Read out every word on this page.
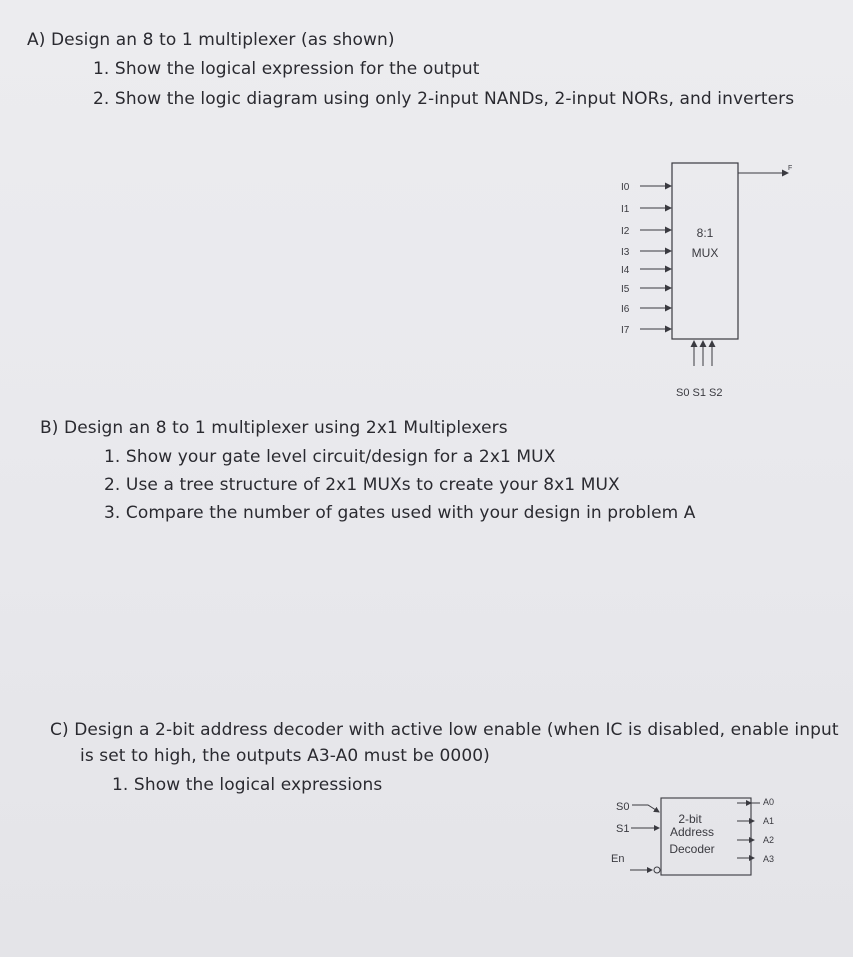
A) Design an 8 to 1 multiplexer (as shown)
1. Show the logical expression for the output
2. Show the logic diagram using only 2-input NANDs, 2-input NORs, and inverters
8:1
MUX
I0
I1
I2
I3
I4
I5
I6
I7
F
S0 S1 S2
B) Design an 8 to 1 multiplexer using 2x1 Multiplexers
1. Show your gate level circuit/design for a 2x1 MUX
2. Use a tree structure of 2x1 MUXs to create your 8x1 MUX
3. Compare the number of gates used with your design in problem A
C) Design a 2-bit address decoder with active low enable (when IC is disabled, enable input
is set to high, the outputs A3-A0 must be 0000)
1. Show the logical expressions
2-bit
Address
Decoder
S0
S1
En
A0
A1
A2
A3
